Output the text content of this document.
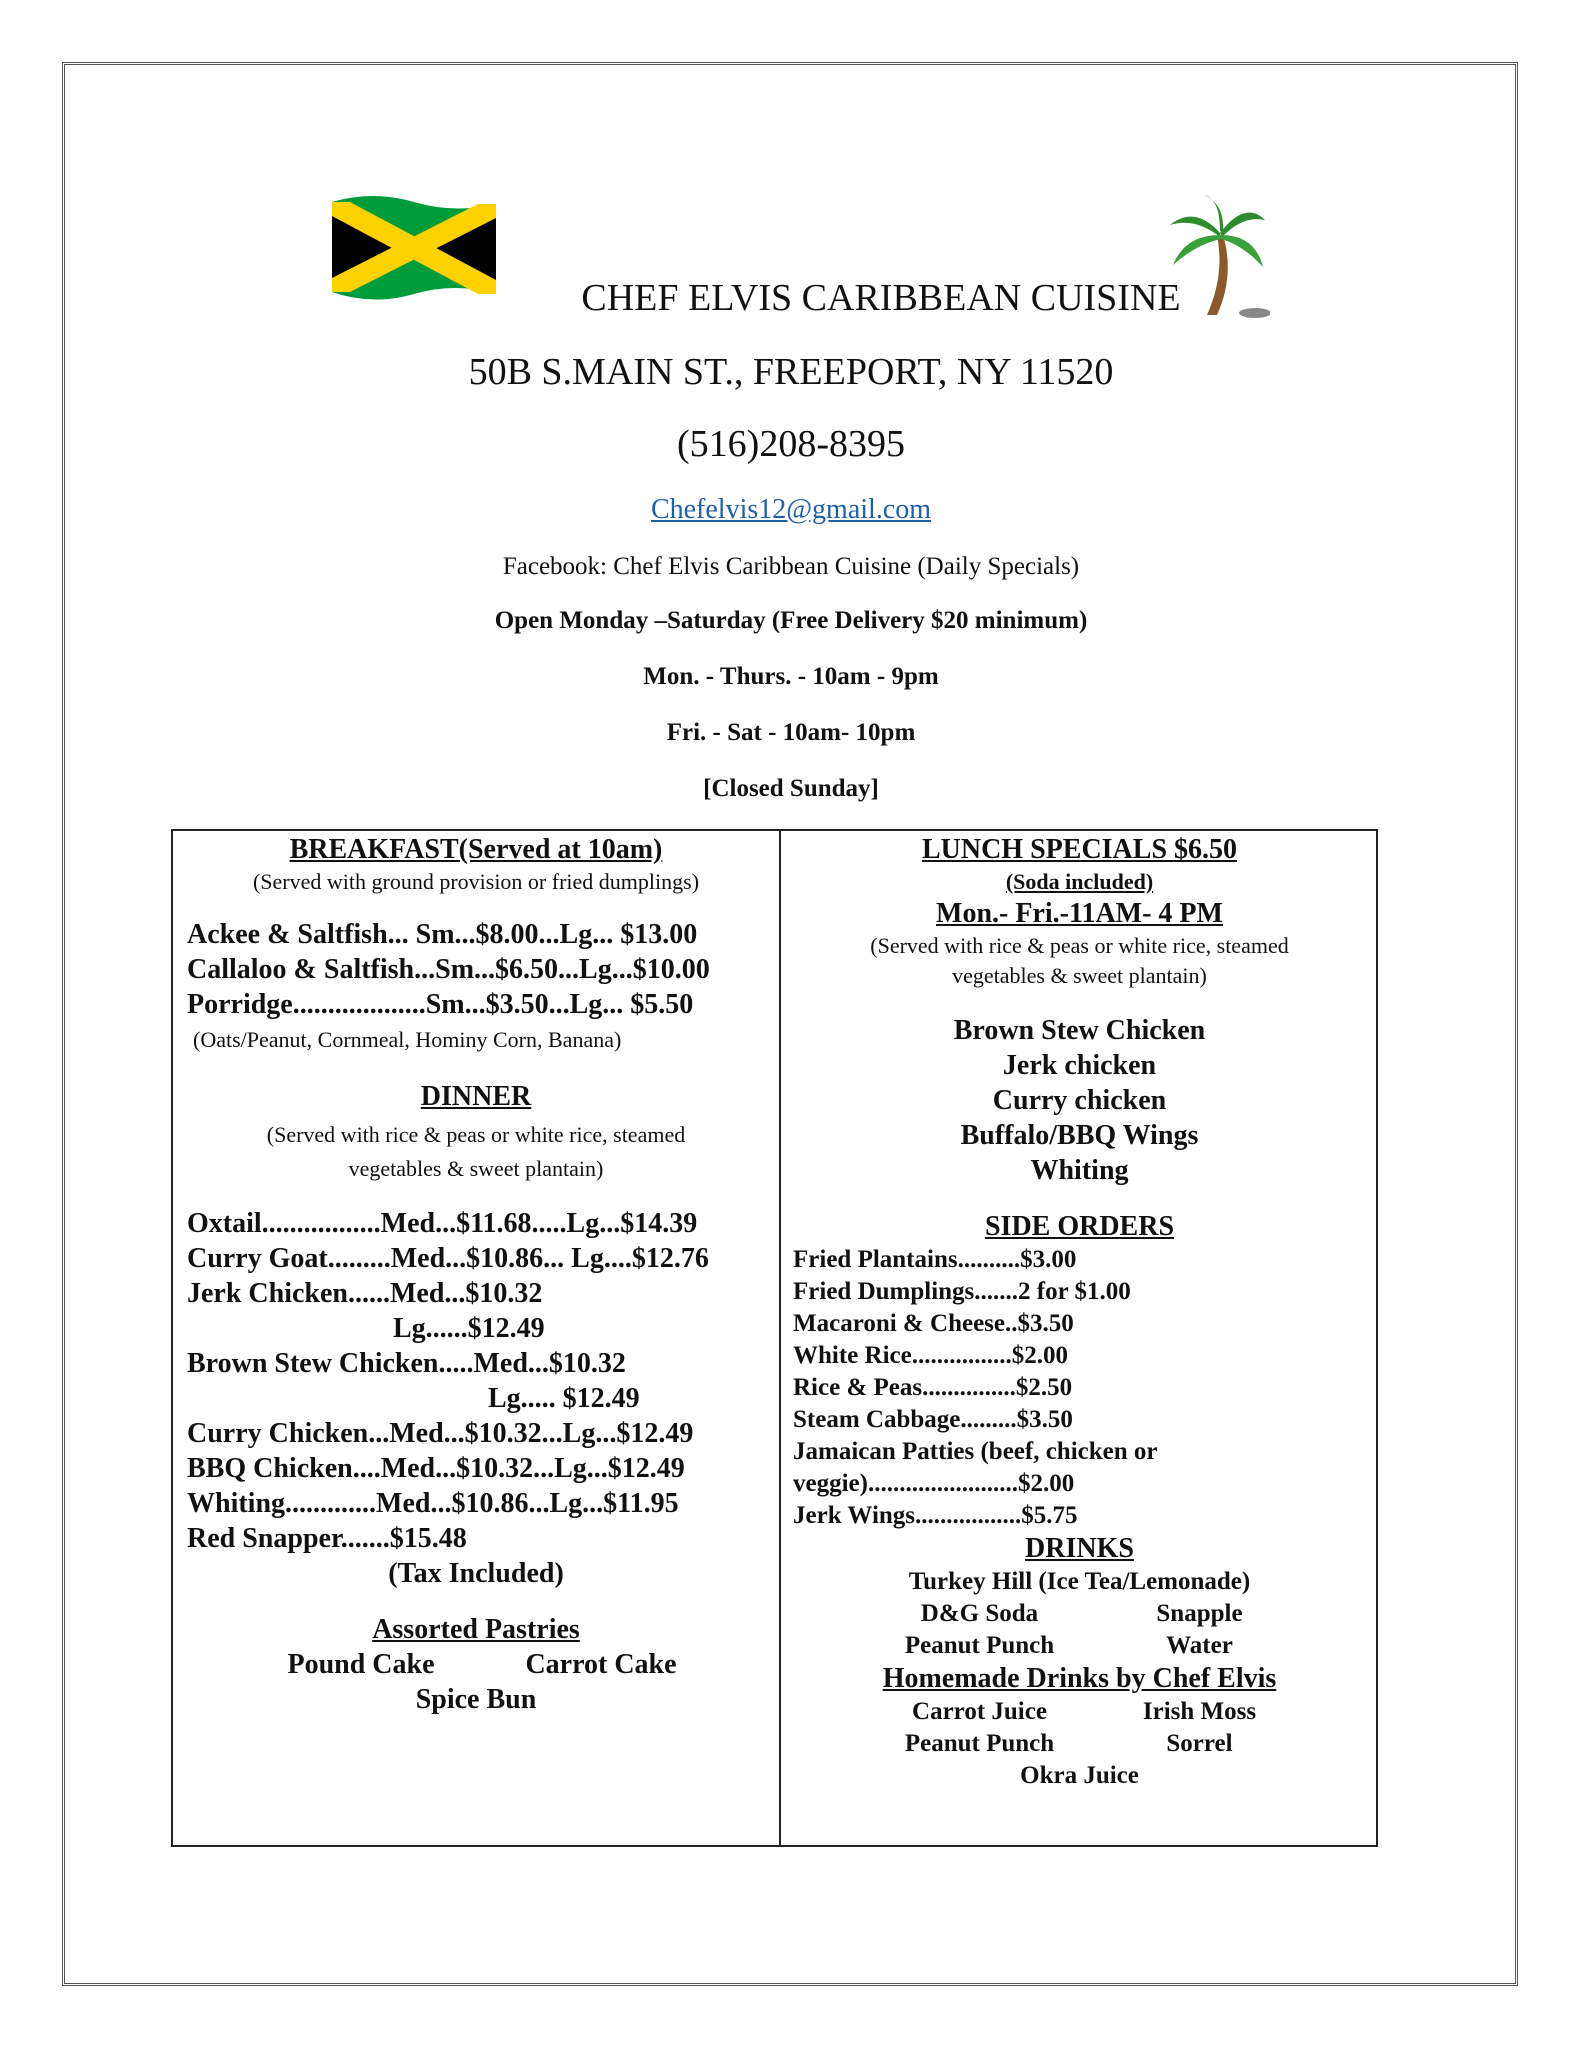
CHEF ELVIS CARIBBEAN CUISINE
50B S.MAIN ST., FREEPORT, NY 11520
(516)208-8395
Chefelvis12@gmail.com
Facebook: Chef Elvis Caribbean Cuisine (Daily Specials)
Open Monday –Saturday (Free Delivery $20 minimum)
Mon. - Thurs. - 10am - 9pm
Fri. - Sat - 10am- 10pm
[Closed Sunday]
BREAKFAST(Served at 10am)
(Served with ground provision or fried dumplings)
Ackee & Saltfish... Sm...$8.00...Lg... $13.00
Callaloo & Saltfish...Sm...$6.50...Lg...$10.00
Porridge...................Sm...$3.50...Lg... $5.50
(Oats/Peanut, Cornmeal, Hominy Corn, Banana)
DINNER
(Served with rice & peas or white rice, steamed vegetables & sweet plantain)
Oxtail.................Med...$11.68.....Lg...$14.39
Curry Goat.........Med...$10.86... Lg....$12.76
Jerk Chicken......Med...$10.32
Lg......$12.49
Brown Stew Chicken.....Med...$10.32
Lg..... $12.49
Curry Chicken...Med...$10.32...Lg...$12.49
BBQ Chicken....Med...$10.32...Lg...$12.49
Whiting.............Med...$10.86...Lg...$11.95
Red Snapper.......$15.48
(Tax Included)
Assorted Pastries
Pound Cake	Carrot Cake
Spice Bun
LUNCH SPECIALS $6.50
(Soda included)
Mon.- Fri.-11AM- 4 PM
(Served with rice & peas or white rice, steamed vegetables & sweet plantain)
Brown Stew Chicken
Jerk chicken
Curry chicken
Buffalo/BBQ Wings
Whiting
SIDE ORDERS
Fried Plantains..........$3.00
Fried Dumplings.......2 for $1.00
Macaroni & Cheese..$3.50
White Rice................$2.00
Rice & Peas...............$2.50
Steam Cabbage.........$3.50
Jamaican Patties (beef, chicken or
veggie)........................$2.00
Jerk Wings.................$5.75
DRINKS
Turkey Hill (Ice Tea/Lemonade)
D&G Soda	Snapple
Peanut Punch	Water
Homemade Drinks by Chef Elvis
Carrot Juice	Irish Moss
Peanut Punch	Sorrel
Okra Juice
